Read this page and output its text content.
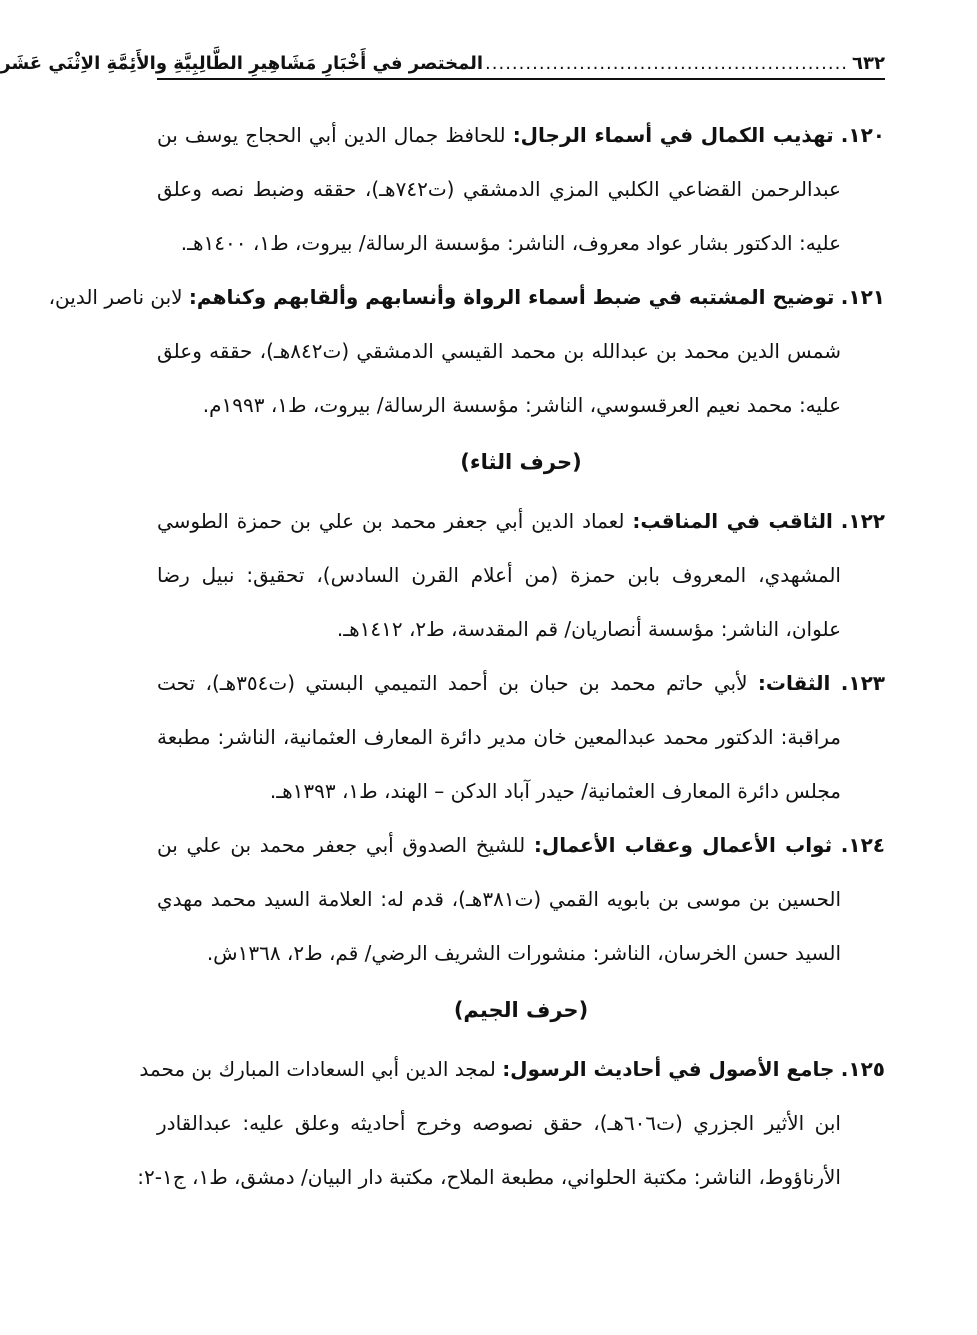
٦٣٢
......................................................
المختصر في أَخْبَارِ مَشَاهِيرِ الطَّالِبِيَّةِ والأَئِمَّةِ الاِثْنَي عَشَر
١٢٠. تهذيب الكمال في أسماء الرجال: للحافظ جمال الدين أبي الحجاج يوسف بن
عبدالرحمن القضاعي الكلبي المزي الدمشقي (ت٧٤٢هـ)، حققه وضبط نصه وعلق
عليه: الدكتور بشار عواد معروف، الناشر: مؤسسة الرسالة/ بيروت، ط١، ١٤٠٠هـ.
١٢١. توضيح المشتبه في ضبط أسماء الرواة وأنسابهم وألقابهم وكناهم: لابن ناصر الدين،
شمس الدين محمد بن عبدالله بن محمد القيسي الدمشقي (ت٨٤٢هـ)، حققه وعلق
عليه: محمد نعيم العرقسوسي، الناشر: مؤسسة الرسالة/ بيروت، ط١، ١٩٩٣م.
(حرف الثاء)
١٢٢. الثاقب في المناقب: لعماد الدين أبي جعفر محمد بن علي بن حمزة الطوسي
المشهدي، المعروف بابن حمزة (من أعلام القرن السادس)، تحقيق: نبيل رضا
علوان، الناشر: مؤسسة أنصاريان/ قم المقدسة، ط٢، ١٤١٢هـ.
١٢٣. الثقات: لأبي حاتم محمد بن حبان بن أحمد التميمي البستي (ت٣٥٤هـ)، تحت
مراقبة: الدكتور محمد عبدالمعين خان مدير دائرة المعارف العثمانية، الناشر: مطبعة
مجلس دائرة المعارف العثمانية/ حيدر آباد الدكن – الهند، ط١، ١٣٩٣هـ.
١٢٤. ثواب الأعمال وعقاب الأعمال: للشيخ الصدوق أبي جعفر محمد بن علي بن
الحسين بن موسى بن بابويه القمي (ت٣٨١هـ)، قدم له: العلامة السيد محمد مهدي
السيد حسن الخرسان، الناشر: منشورات الشريف الرضي/ قم، ط٢، ١٣٦٨ش.
(حرف الجيم)
١٢٥. جامع الأصول في أحاديث الرسول: لمجد الدين أبي السعادات المبارك بن محمد
ابن الأثير الجزري (ت٦٠٦هـ)، حقق نصوصه وخرج أحاديثه وعلق عليه: عبدالقادر
الأرناؤوط، الناشر: مكتبة الحلواني، مطبعة الملاح، مكتبة دار البيان/ دمشق، ط١، ج١-٢:
